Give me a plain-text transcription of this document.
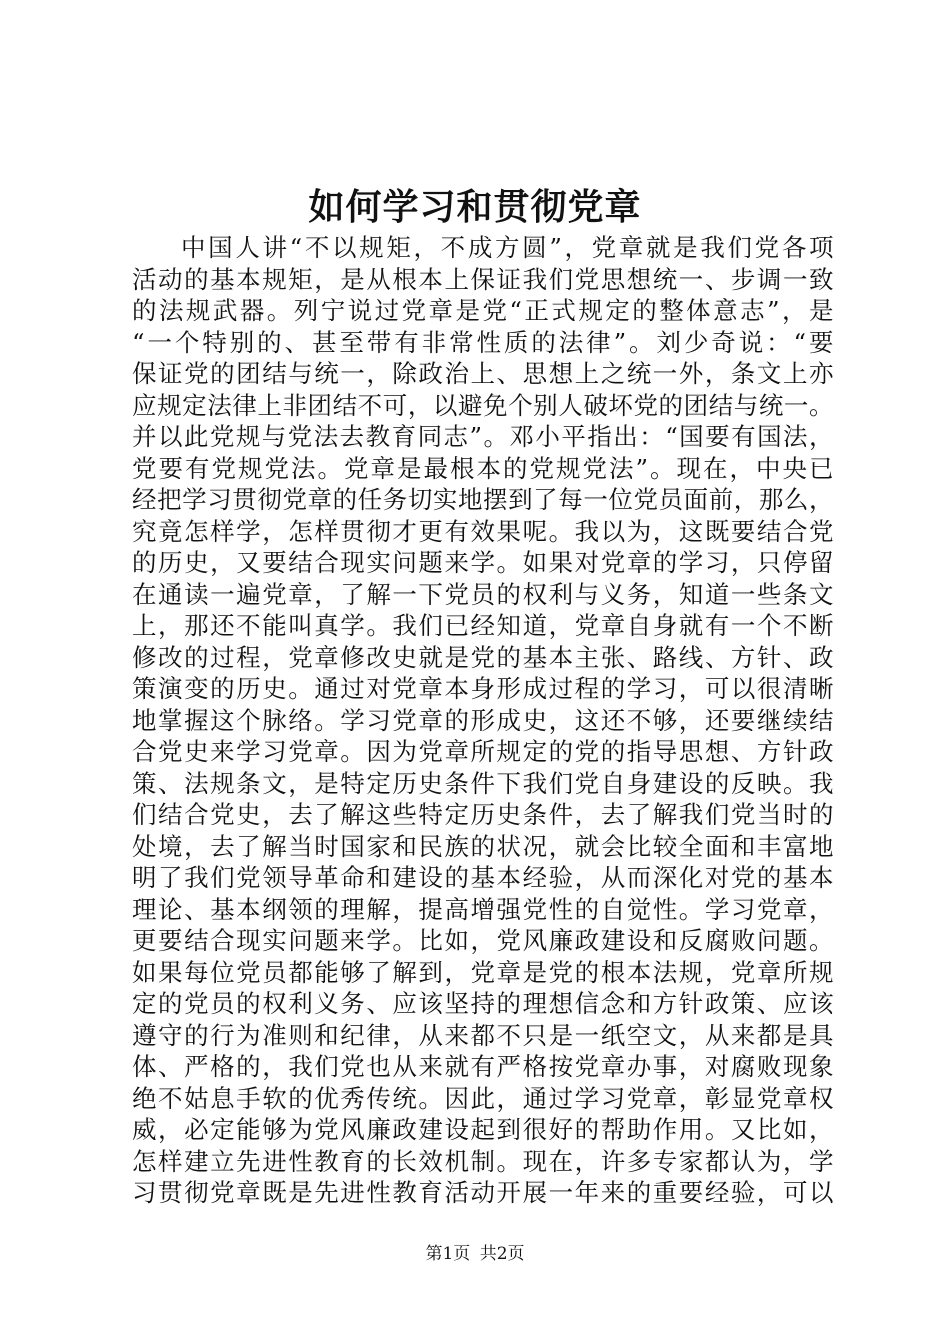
如何学习和贯彻党章
中国人讲“不以规矩，不成方圆”，党章就是我们党各项
活动的基本规矩，是从根本上保证我们党思想统一、步调一致
的法规武器。列宁说过党章是党“正式规定的整体意志”，是
“一个特别的、甚至带有非常性质的法律”。刘少奇说：“要
保证党的团结与统一，除政治上、思想上之统一外，条文上亦
应规定法律上非团结不可，以避免个别人破坏党的团结与统一。
并以此党规与党法去教育同志”。邓小平指出：“国要有国法，
党要有党规党法。党章是最根本的党规党法”。现在，中央已
经把学习贯彻党章的任务切实地摆到了每一位党员面前，那么，
究竟怎样学，怎样贯彻才更有效果呢。我以为，这既要结合党
的历史，又要结合现实问题来学。如果对党章的学习，只停留
在通读一遍党章，了解一下党员的权利与义务，知道一些条文
上，那还不能叫真学。我们已经知道，党章自身就有一个不断
修改的过程，党章修改史就是党的基本主张、路线、方针、政
策演变的历史。通过对党章本身形成过程的学习，可以很清晰
地掌握这个脉络。学习党章的形成史，这还不够，还要继续结
合党史来学习党章。因为党章所规定的党的指导思想、方针政
策、法规条文，是特定历史条件下我们党自身建设的反映。我
们结合党史，去了解这些特定历史条件，去了解我们党当时的
处境，去了解当时国家和民族的状况，就会比较全面和丰富地
明了我们党领导革命和建设的基本经验，从而深化对党的基本
理论、基本纲领的理解，提高增强党性的自觉性。学习党章，
更要结合现实问题来学。比如，党风廉政建设和反腐败问题。
如果每位党员都能够了解到，党章是党的根本法规，党章所规
定的党员的权利义务、应该坚持的理想信念和方针政策、应该
遵守的行为准则和纪律，从来都不只是一纸空文，从来都是具
体、严格的，我们党也从来就有严格按党章办事，对腐败现象
绝不姑息手软的优秀传统。因此，通过学习党章，彰显党章权
威，必定能够为党风廉政建设起到很好的帮助作用。又比如，
怎样建立先进性教育的长效机制。现在，许多专家都认为，学
习贯彻党章既是先进性教育活动开展一年来的重要经验，可以
第1页 共2页
